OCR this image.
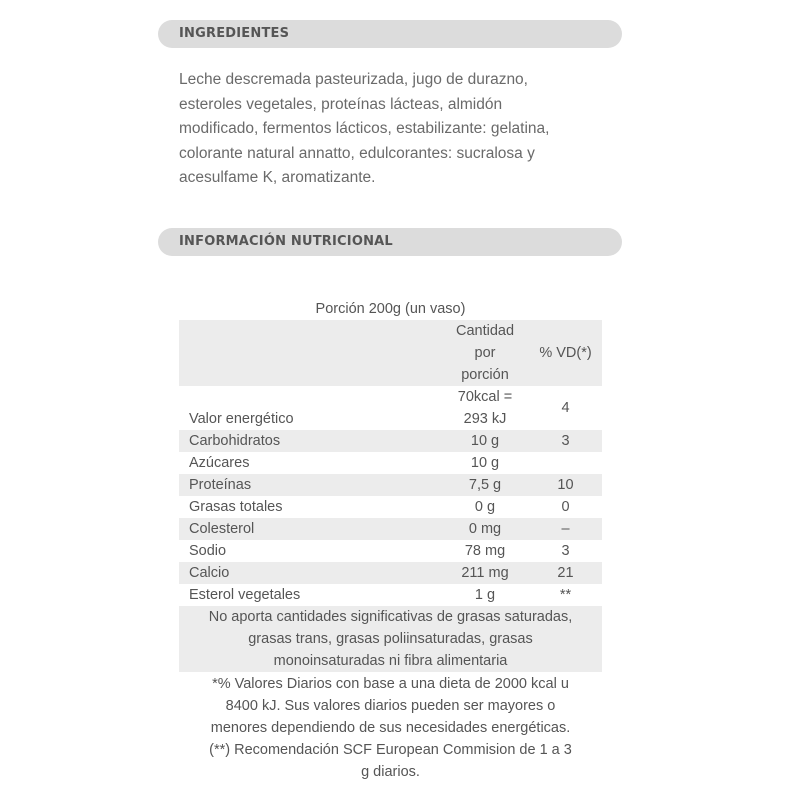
INGREDIENTES
Leche descremada pasteurizada, jugo de durazno,
esteroles vegetales, proteínas lácteas, almidón
modificado, fermentos lácticos, estabilizante: gelatina,
colorante natural annatto, edulcorantes: sucralosa y
acesulfame K, aromatizante.
INFORMACIÓN NUTRICIONAL
Porción 200g (un vaso)

	Cantidad
por
porción	% VD(*)
Valor energético	70kcal =
293 kJ	4
Carbohidratos	10 g	3
Azúcares	10 g	
Proteínas	7,5 g	10
Grasas totales	0 g	0
Colesterol	0 mg	–
Sodio	78 mg	3
Calcio	211 mg	21
Esterol vegetales	1 g	**

No aporta cantidades significativas de grasas saturadas,
grasas trans, grasas poliinsaturadas, grasas
monoinsaturadas ni fibra alimentaria		
*% Valores Diarios con base a una dieta de 2000 kcal u
8400 kJ. Sus valores diarios pueden ser mayores o
menores dependiendo de sus necesidades energéticas.
(**) Recomendación SCF European Commision de 1 a 3
g diarios.
